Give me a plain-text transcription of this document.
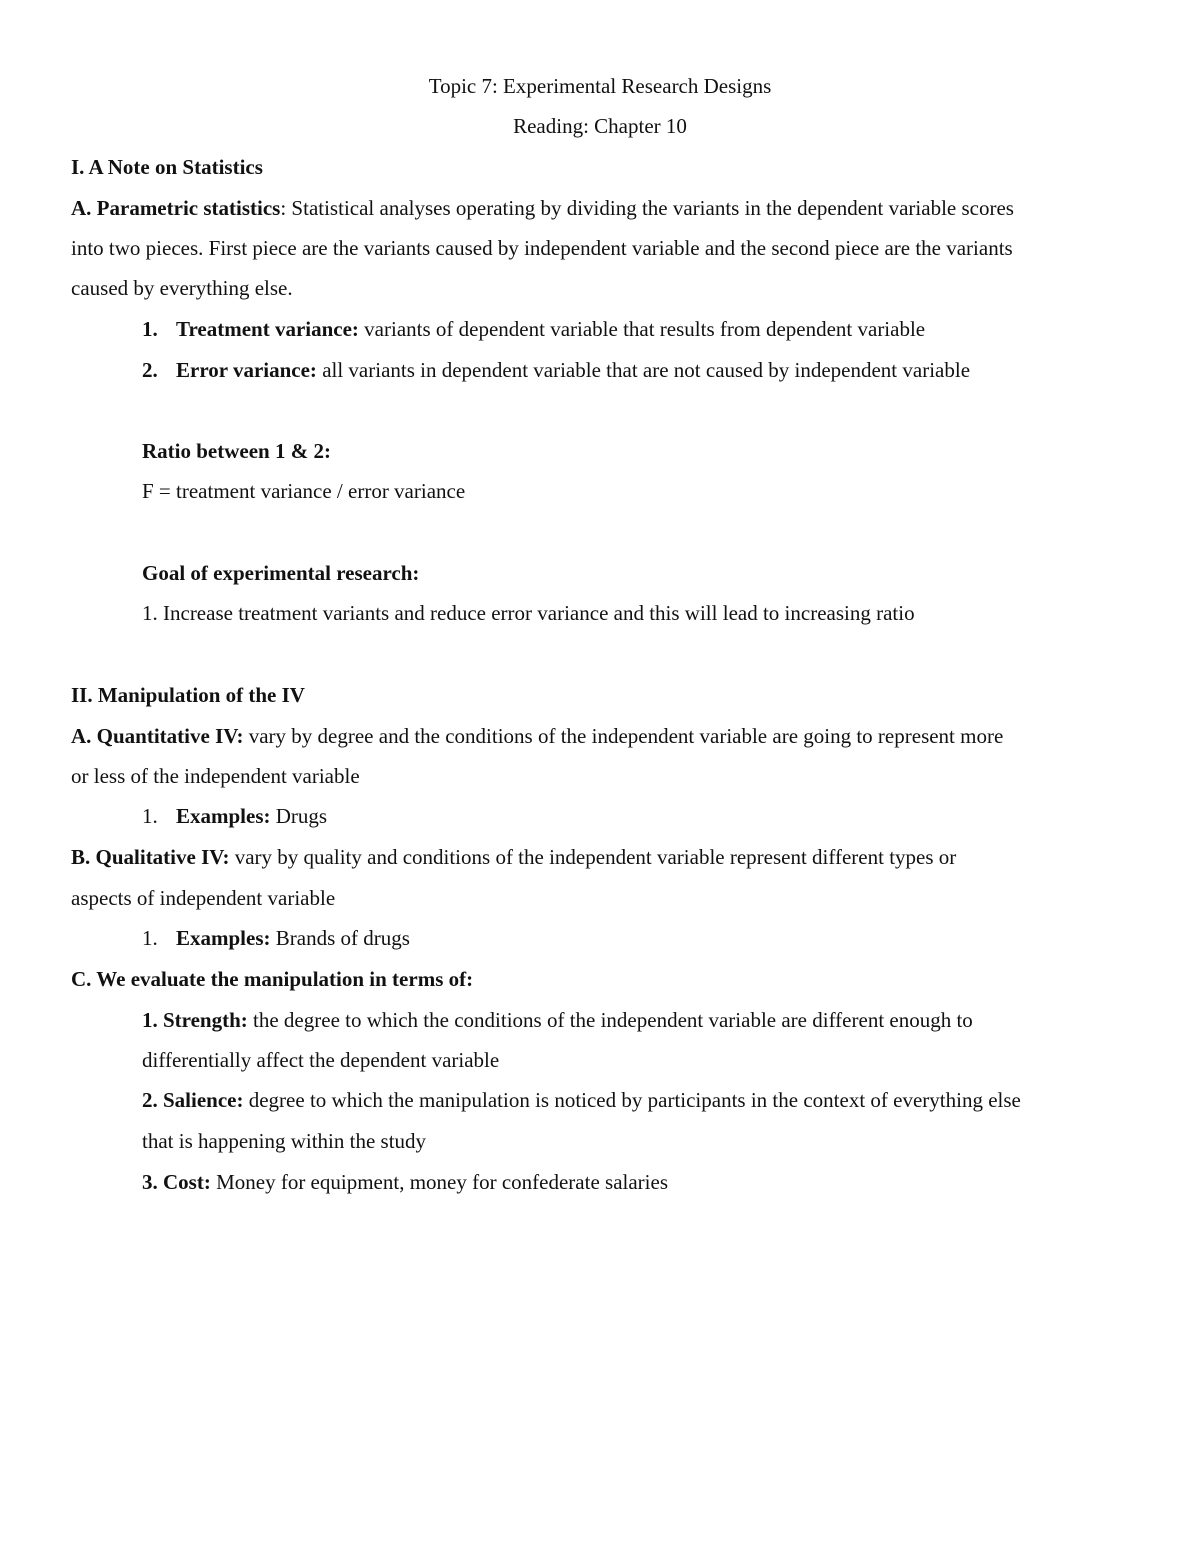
Topic 7: Experimental Research Designs
Reading: Chapter 10
I. A Note on Statistics
A. Parametric statistics: Statistical analyses operating by dividing the variants in the dependent variable scores
into two pieces. First piece are the variants caused by independent variable and the second piece are the variants
caused by everything else.
1. Treatment variance: variants of dependent variable that results from dependent variable
2. Error variance: all variants in dependent variable that are not caused by independent variable
Ratio between 1 & 2:
F = treatment variance / error variance
Goal of experimental research:
1. Increase treatment variants and reduce error variance and this will lead to increasing ratio
II. Manipulation of the IV
A. Quantitative IV: vary by degree and the conditions of the independent variable are going to represent more
or less of the independent variable
1. Examples: Drugs
B. Qualitative IV: vary by quality and conditions of the independent variable represent different types or
aspects of independent variable
1. Examples: Brands of drugs
C. We evaluate the manipulation in terms of:
1. Strength: the degree to which the conditions of the independent variable are different enough to
differentially affect the dependent variable
2. Salience: degree to which the manipulation is noticed by participants in the context of everything else
that is happening within the study
3. Cost: Money for equipment, money for confederate salaries
